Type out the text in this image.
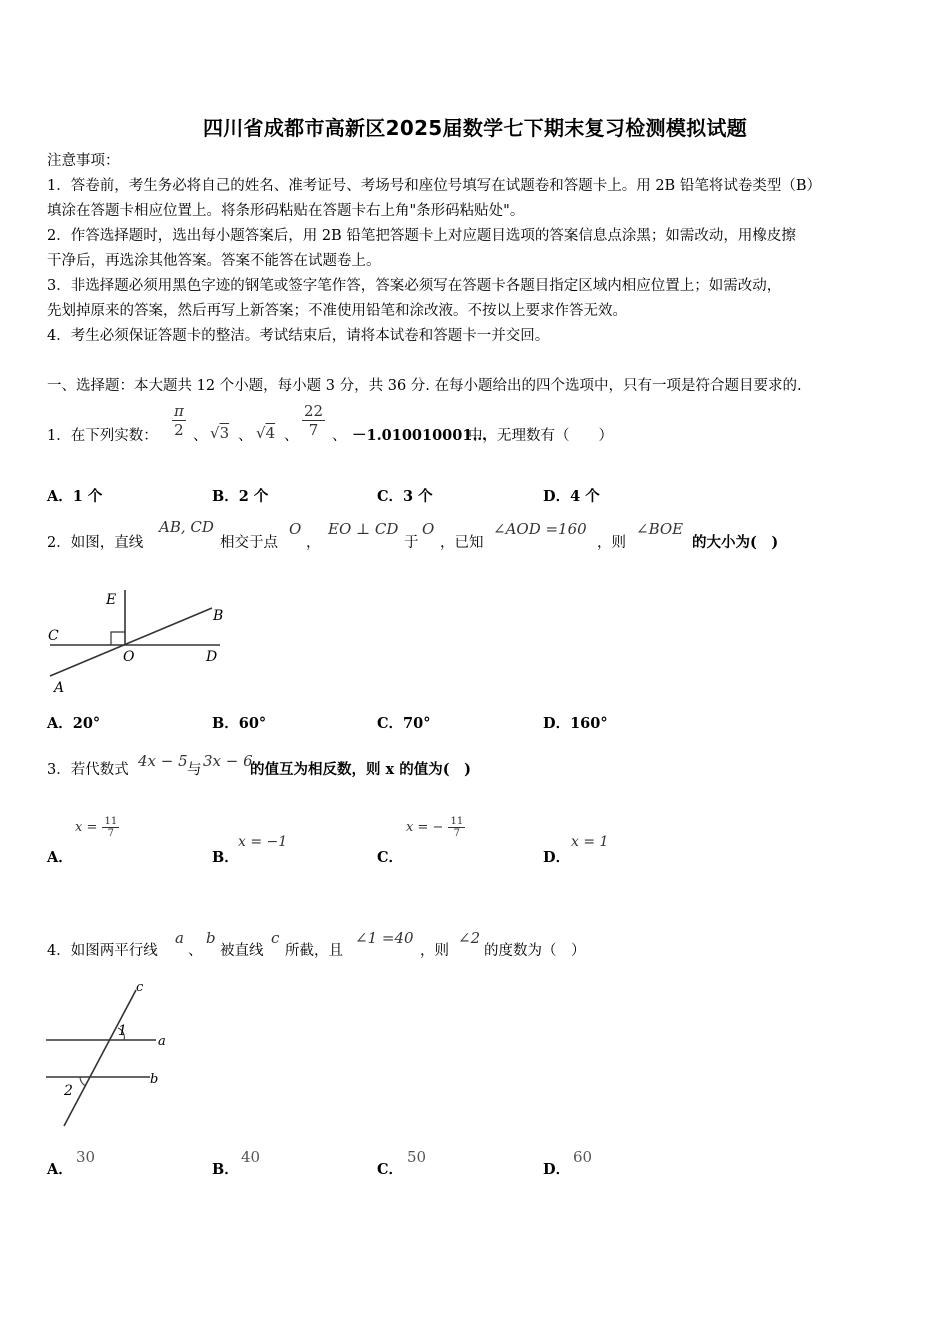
四川省成都市高新区2025届数学七下期末复习检测模拟试题
注意事项：
1．答卷前，考生务必将自己的姓名、准考证号、考场号和座位号填写在试题卷和答题卡上。用 2B 铅笔将试卷类型（B）
填涂在答题卡相应位置上。将条形码粘贴在答题卡右上角"条形码粘贴处"。
2．作答选择题时，选出每小题答案后，用 2B 铅笔把答题卡上对应题目选项的答案信息点涂黑；如需改动，用橡皮擦
干净后，再选涂其他答案。答案不能答在试题卷上。
3．非选择题必须用黑色字迹的钢笔或签字笔作答，答案必须写在答题卡各题目指定区域内相应位置上；如需改动，
先划掉原来的答案，然后再写上新答案；不准使用铅笔和涂改液。不按以上要求作答无效。
4．考生必须保证答题卡的整洁。考试结束后，请将本试卷和答题卡一并交回。
一、选择题：本大题共 12 个小题，每小题 3 分，共 36 分. 在每小题给出的四个选项中，只有一项是符合题目要求的.
1．在下列实数： $\frac{\pi}{2}$ 、 √3 、 √4 、 $\frac{22}{7}$ 、 －1.010010001…
中，无理数有（　　）
A．1 个	B．2 个	C．3 个	D．4 个
2．如图，直线
AB, CD
相交于点
O
，
EO ⊥ CD
于
O
，已知
∠AOD =160
，则
∠BOE
的大小为(　)
E
B
C
O	D
A
A．20°	B．60°	C．70°	D．160°
3．若代数式 4x − 5 与 3x − 6
的值互为相反数，则 x 的值为(　)
A．
$x = \frac{11}{7}$
B．
x = −1
C．
x = − $\frac{11}{7}$
D．
x = 1
4．如图两平行线
a
、
b
被直线
c
所截，且
∠1 =40
，则
∠2
的度数为（　）
c
1
a
2
b
A．
30
B．
40
C．
50
D．
60
